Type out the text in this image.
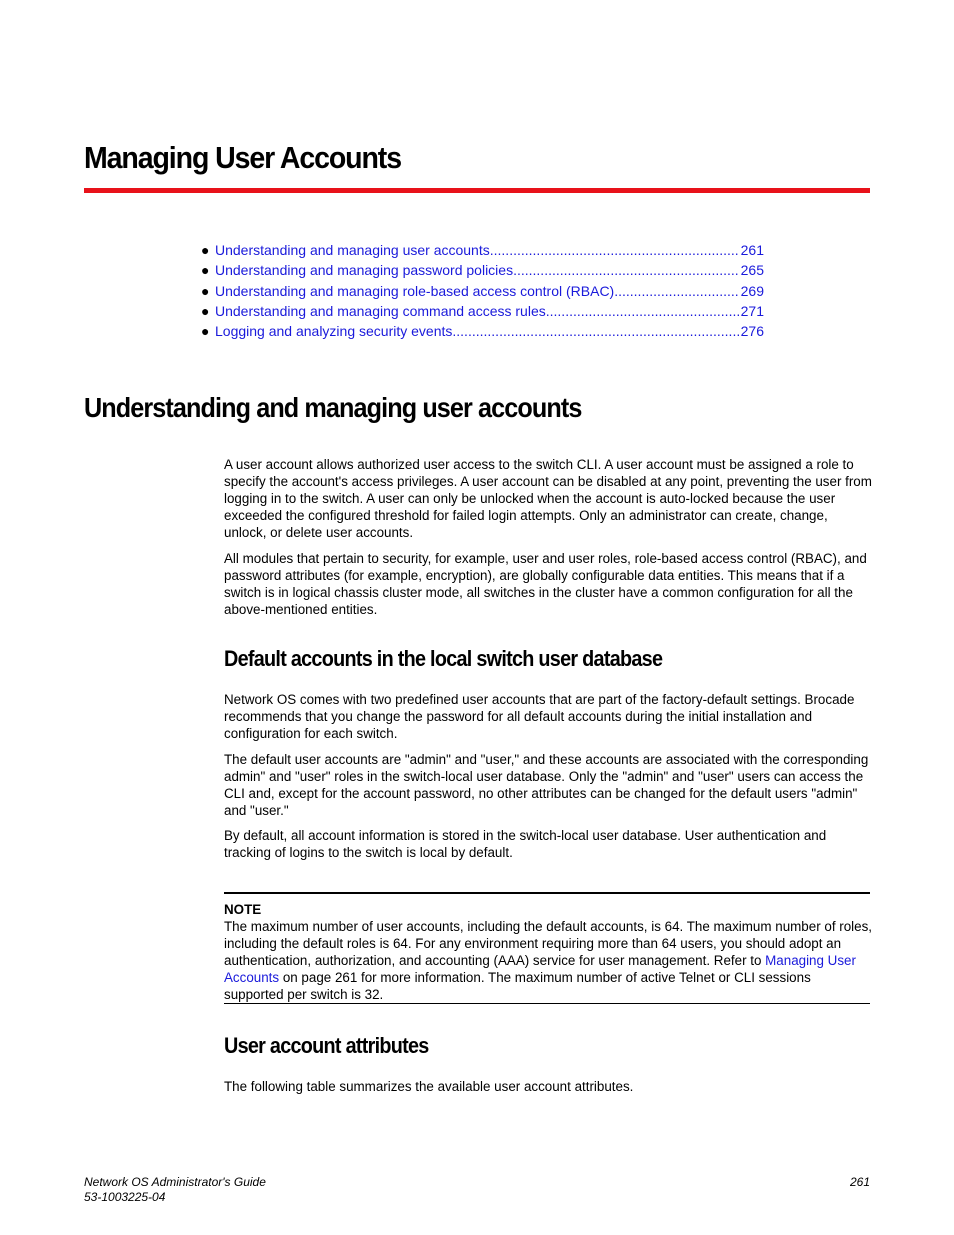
Managing User Accounts
● Understanding and managing user accounts .....	261
● Understanding and managing password policies .....	265
● Understanding and managing role-based access control (RBAC) .....	269
● Understanding and managing command access rules .....	271
● Logging and analyzing security events .....	276
Understanding and managing user accounts

A user account allows authorized user access to the switch CLI. A user account must be assigned a role to specify the account's access privileges. A user account can be disabled at any point, preventing the user from logging in to the switch. A user can only be unlocked when the account is auto-locked because the user exceeded the configured threshold for failed login attempts. Only an administrator can create, change, unlock, or delete user accounts.

All modules that pertain to security, for example, user and user roles, role-based access control (RBAC), and password attributes (for example, encryption), are globally configurable data entities. This means that if a switch is in logical chassis cluster mode, all switches in the cluster have a common configuration for all the above-mentioned entities.

Default accounts in the local switch user database

Network OS comes with two predefined user accounts that are part of the factory-default settings. Brocade recommends that you change the password for all default accounts during the initial installation and configuration for each switch.

The default user accounts are "admin" and "user," and these accounts are associated with the corresponding admin" and "user" roles in the switch-local user database. Only the "admin" and "user" users can access the CLI and, except for the account password, no other attributes can be changed for the default users "admin" and "user."

By default, all account information is stored in the switch-local user database. User authentication and tracking of logins to the switch is local by default.

NOTE

The maximum number of user accounts, including the default accounts, is 64. The maximum number of roles, including the default roles is 64. For any environment requiring more than 64 users, you should adopt an authentication, authorization, and accounting (AAA) service for user management. Refer to Managing User Accounts on page 261 for more information. The maximum number of active Telnet or CLI sessions supported per switch is 32.

User account attributes

The following table summarizes the available user account attributes.

Network OS Administrator's Guide
53-1003225-04
261
